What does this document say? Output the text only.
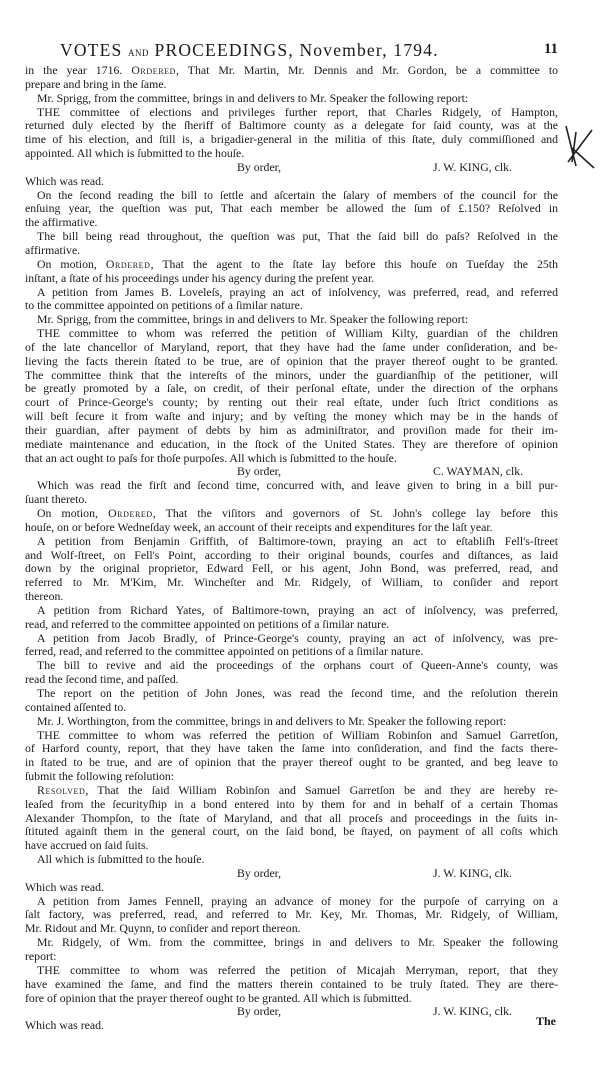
VOTES and PROCEEDINGS, November, 1794.	11
in the year 1716. Ordered, That Mr. Martin, Mr. Dennis and Mr. Gordon, be a committee to
prepare and bring in the ſame.
Mr. Sprigg, from the committee, brings in and delivers to Mr. Speaker the following report:
THE committee of elections and privileges further report, that Charles Ridgely, of Hampton,
returned duly elected by the ſheriff of Baltimore county as a delegate for ſaid county, was at the
time of his election, and ſtill is, a brigadier-general in the militia of this ſtate, duly commiſſioned and
appointed. All which is ſubmitted to the houſe.
By order,	J. W. KING, clk.
Which was read.
On the ſecond reading the bill to ſettle and aſcertain the ſalary of members of the council for the
enſuing year, the queſtion was put, That each member be allowed the ſum of £.150? Reſolved in
the affirmative.
The bill being read throughout, the queſtion was put, That the ſaid bill do paſs? Reſolved in the
affirmative.
On motion, Ordered, That the agent to the ſtate lay before this houſe on Tueſday the 25th
inſtant, a ſtate of his proceedings under his agency during the preſent year.
A petition from James B. Loveleſs, praying an act of inſolvency, was preferred, read, and referred
to the committee appointed on petitions of a ſimilar nature.
Mr. Sprigg, from the committee, brings in and delivers to Mr. Speaker the following report:
THE committee to whom was referred the petition of William Kilty, guardian of the children
of the late chancellor of Maryland, report, that they have had the ſame under conſideration, and be-
lieving the facts therein ſtated to be true, are of opinion that the prayer thereof ought to be granted.
The committee think that the intereſts of the minors, under the guardianſhip of the petitioner, will
be greatly promoted by a ſale, on credit, of their perſonal eſtate, under the direction of the orphans
court of Prince-George's county; by renting out their real eſtate, under ſuch ſtrict conditions as
will beſt ſecure it from waſte and injury; and by veſting the money which may be in the hands of
their guardian, after payment of debts by him as adminiſtrator, and proviſion made for their im-
mediate maintenance and education, in the ſtock of the United States. They are therefore of opinion
that an act ought to paſs for thoſe purpoſes. All which is ſubmitted to the houſe.
By order,	C. WAYMAN, clk.
Which was read the firſt and ſecond time, concurred with, and leave given to bring in a bill pur-
ſuant thereto.
On motion, Ordered, That the viſitors and governors of St. John's college lay before this
houſe, on or before Wedneſday week, an account of their receipts and expenditures for the laſt year.
A petition from Benjamin Griffith, of Baltimore-town, praying an act to eſtabliſh Fell's-ſtreet
and Wolf-ſtreet, on Fell's Point, according to their original bounds, courſes and diſtances, as laid
down by the original proprietor, Edward Fell, or his agent, John Bond, was preferred, read, and
referred to Mr. M'Kim, Mr. Wincheſter and Mr. Ridgely, of William, to conſider and report
thereon.
A petition from Richard Yates, of Baltimore-town, praying an act of inſolvency, was preferred,
read, and referred to the committee appointed on petitions of a ſimilar nature.
A petition from Jacob Bradly, of Prince-George's county, praying an act of inſolvency, was pre-
ferred, read, and referred to the committee appointed on petitions of a ſimilar nature.
The bill to revive and aid the proceedings of the orphans court of Queen-Anne's county, was
read the ſecond time, and paſſed.
The report on the petition of John Jones, was read the ſecond time, and the reſolution therein
contained aſſented to.
Mr. J. Worthington, from the committee, brings in and delivers to Mr. Speaker the following report:
THE committee to whom was referred the petition of William Robinſon and Samuel Garretſon,
of Harford county, report, that they have taken the ſame into conſideration, and find the facts there-
in ſtated to be true, and are of opinion that the prayer thereof ought to be granted, and beg leave to
ſubmit the following reſolution:
Resolved, That the ſaid William Robinſon and Samuel Garretſon be and they are hereby re-
leaſed from the ſecurityſhip in a bond entered into by them for and in behalf of a certain Thomas
Alexander Thompſon, to the ſtate of Maryland, and that all proceſs and proceedings in the ſuits in-
ſtituted againſt them in the general court, on the ſaid bond, be ſtayed, on payment of all coſts which
have accrued on ſaid ſuits.
All which is ſubmitted to the houſe.
By order,	J. W. KING, clk.
Which was read.
A petition from James Fennell, praying an advance of money for the purpoſe of carrying on a
ſalt factory, was preferred, read, and referred to Mr. Key, Mr. Thomas, Mr. Ridgely, of William,
Mr. Ridout and Mr. Quynn, to conſider and report thereon.
Mr. Ridgely, of Wm. from the committee, brings in and delivers to Mr. Speaker the following
report:
THE committee to whom was referred the petition of Micajah Merryman, report, that they
have examined the ſame, and find the matters therein contained to be truly ſtated. They are there-
fore of opinion that the prayer thereof ought to be granted. All which is ſubmitted.
By order,	J. W. KING, clk.
Which was read.	The
